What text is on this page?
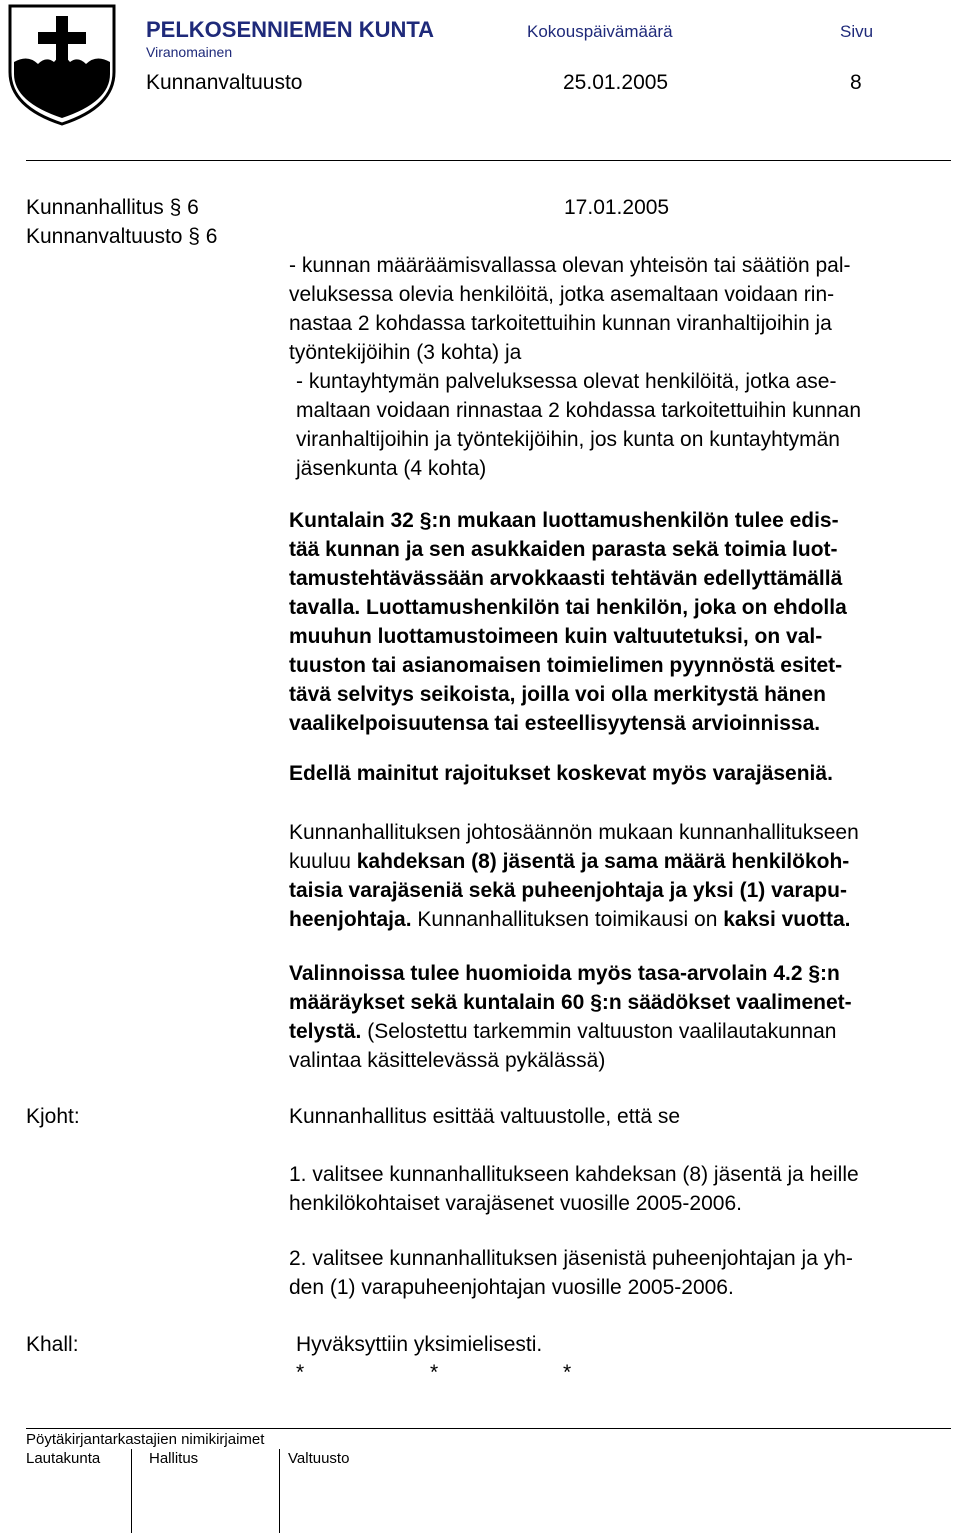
PELKOSENNIEMEN KUNTA	Kokouspäivämäärä	Sivu
Viranomainen
Kunnanvaltuusto	25.01.2005	8
Kunnanhallitus § 6	17.01.2005
Kunnanvaltuusto § 6
- kunnan määräämisvallassa olevan yhteisön tai säätiön pal-
veluksessa olevia henkilöitä, jotka asemaltaan voidaan rin-
nastaa 2 kohdassa tarkoitettuihin kunnan viranhaltijoihin ja
työntekijöihin (3 kohta) ja
- kuntayhtymän palveluksessa olevat henkilöitä, jotka ase-
maltaan voidaan rinnastaa 2 kohdassa tarkoitettuihin kunnan
viranhaltijoihin ja työntekijöihin, jos kunta on kuntayhtymän
jäsenkunta (4 kohta)
Kuntalain 32 §:n mukaan luottamushenkilön tulee edis-
tää kunnan ja sen asukkaiden parasta sekä toimia luot-
tamustehtävässään arvokkaasti tehtävän edellyttämällä
tavalla. Luottamushenkilön tai henkilön, joka on ehdolla
muuhun luottamustoimeen kuin valtuutetuksi, on val-
tuuston tai asianomaisen toimielimen pyynnöstä esitet-
tävä selvitys seikoista, joilla voi olla merkitystä hänen
vaalikelpoisuutensa tai esteellisyytensä arvioinnissa.
Edellä mainitut rajoitukset koskevat myös varajäseniä.
Kunnanhallituksen johtosäännön mukaan kunnanhallitukseen
kuuluu kahdeksan (8) jäsentä ja sama määrä henkilökoh-
taisia varajäseniä sekä puheenjohtaja ja yksi (1) varapu-
heenjohtaja. Kunnanhallituksen toimikausi on kaksi vuotta.
Valinnoissa tulee huomioida myös tasa-arvolain 4.2 §:n
määräykset sekä kuntalain 60 §:n säädökset vaalimenet-
telystä. (Selostettu tarkemmin valtuuston vaalilautakunnan
valintaa käsittelevässä pykälässä)
Kjoht:	Kunnanhallitus esittää valtuustolle, että se
1. valitsee kunnanhallitukseen kahdeksan (8) jäsentä ja heille
henkilökohtaiset varajäsenet vuosille 2005-2006.
2. valitsee kunnanhallituksen jäsenistä puheenjohtajan ja yh-
den (1) varapuheenjohtajan vuosille 2005-2006.
Khall:	Hyväksyttiin yksimielisesti.
*	*	*
Pöytäkirjantarkastajien nimikirjaimet
Lautakunta	Hallitus	Valtuusto
